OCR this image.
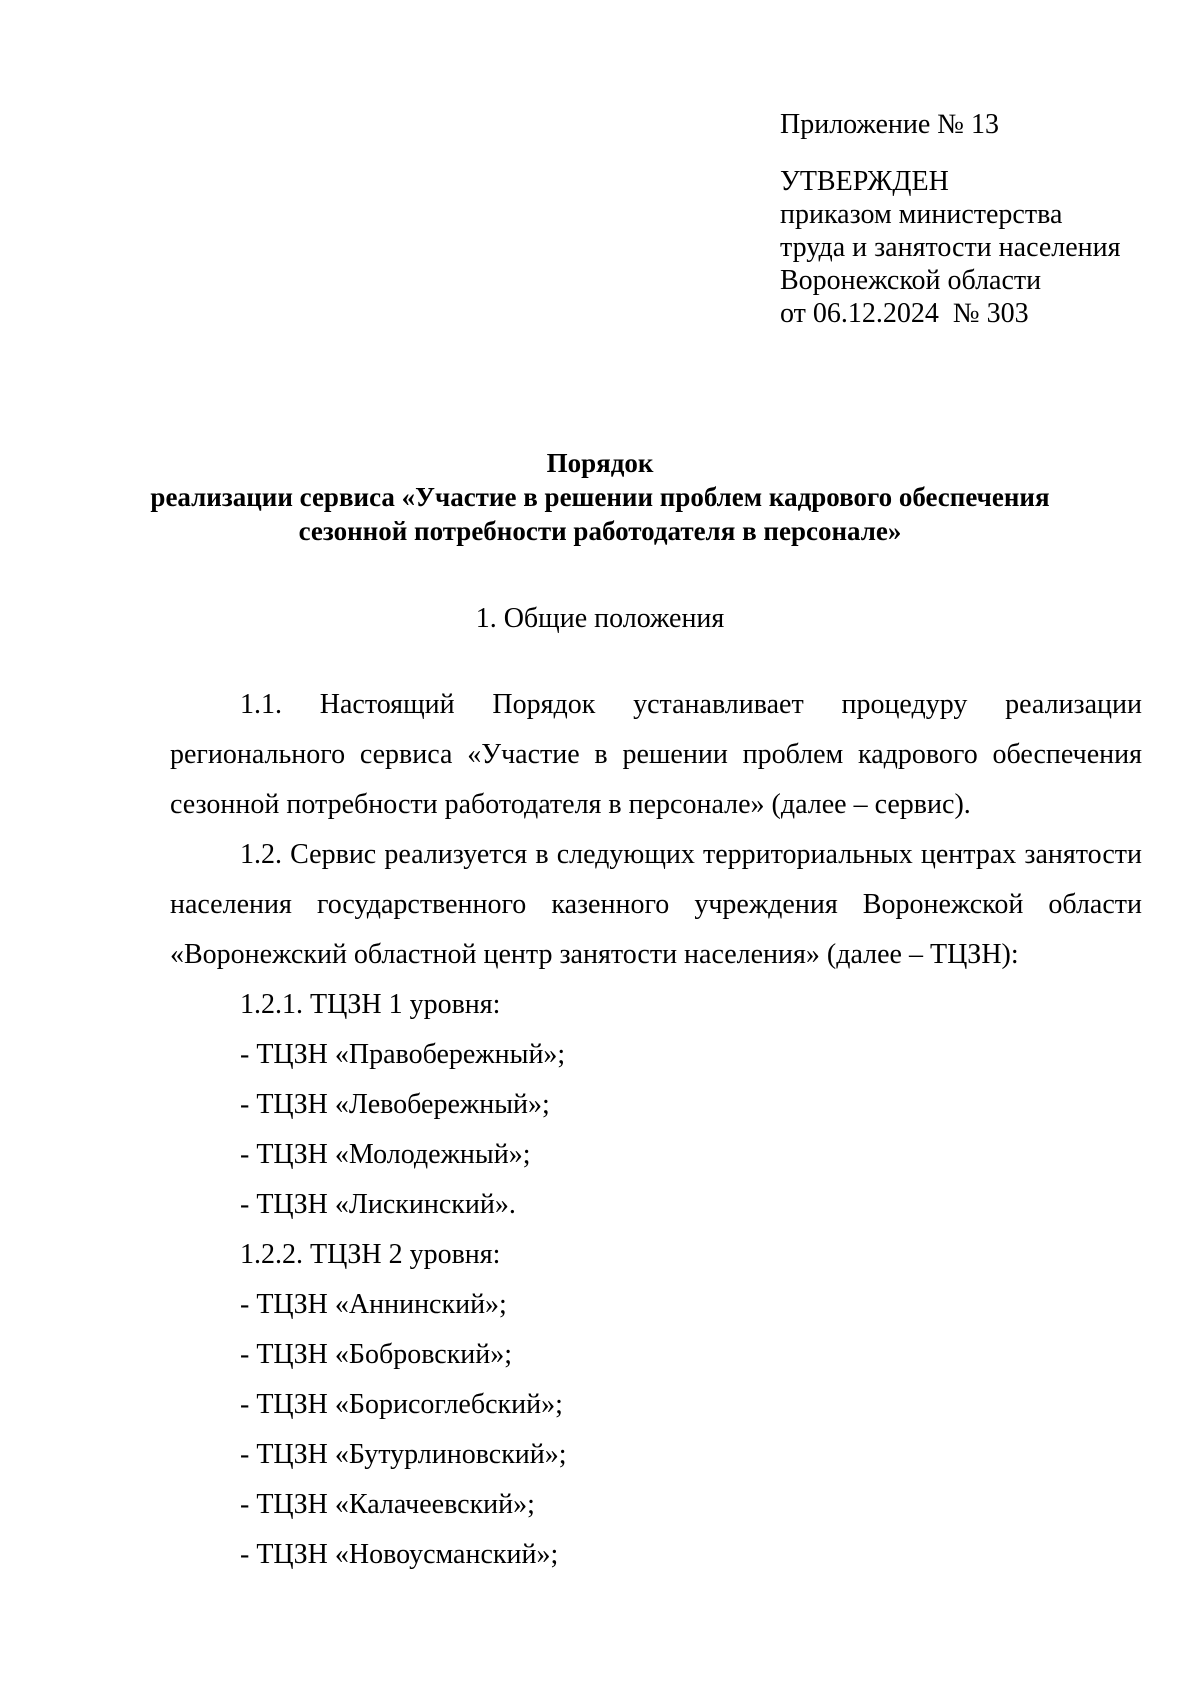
Приложение № 13
УТВЕРЖДЕН
приказом министерства
труда и занятости населения
Воронежской области
от 06.12.2024  № 303
Порядок
реализации сервиса «Участие в решении проблем кадрового обеспечения
сезонной потребности работодателя в персонале»
1. Общие положения

1.1. Настоящий Порядок устанавливает процедуру реализации регионального сервиса «Участие в решении проблем кадрового обеспечения сезонной потребности работодателя в персонале» (далее – сервис).

1.2. Сервис реализуется в следующих территориальных центрах занятости населения государственного казенного учреждения Воронежской области «Воронежский областной центр занятости населения» (далее – ТЦЗН):

1.2.1. ТЦЗН 1 уровня:

- ТЦЗН «Правобережный»;

- ТЦЗН «Левобережный»;

- ТЦЗН «Молодежный»;

- ТЦЗН «Лискинский».

1.2.2. ТЦЗН 2 уровня:

- ТЦЗН «Аннинский»;

- ТЦЗН «Бобровский»;

- ТЦЗН «Борисоглебский»;

- ТЦЗН «Бутурлиновский»;

- ТЦЗН «Калачеевский»;

- ТЦЗН «Новоусманский»;
